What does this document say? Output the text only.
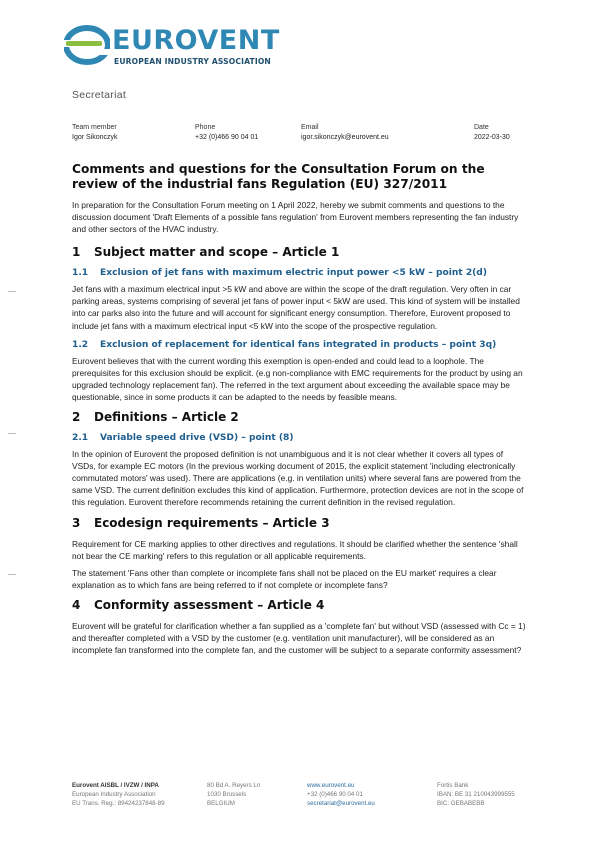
EUROVENT
EUROPEAN INDUSTRY ASSOCIATION
Secretariat
Team member
Igor Sikonczyk
Phone
+32 (0)466 90 04 01
Email
igor.sikonczyk@eurovent.eu
Date
2022-03-30
Comments and questions for the Consultation Forum on the review of the industrial fans Regulation (EU) 327/2011

In preparation for the Consultation Forum meeting on 1 April 2022, hereby we submit comments and questions to the discussion document 'Draft Elements of a possible fans regulation' from Eurovent members representing the fan industry and other sectors of the HVAC industry.

1	Subject matter and scope – Article 1
1.1	Exclusion of jet fans with maximum electric input power <5 kW – point 2(d)

Jet fans with a maximum electrical input >5 kW and above are within the scope of the draft regulation. Very often in car parking areas, systems comprising of several jet fans of power input < 5kW are used. This kind of system will be installed into car parks also into the future and will account for significant energy consumption. Therefore, Eurovent proposed to include jet fans with a maximum electrical input <5 kW into the scope of the prospective regulation.

1.2	Exclusion of replacement for identical fans integrated in products – point 3q)

Eurovent believes that with the current wording this exemption is open-ended and could lead to a loophole. The prerequisites for this exclusion should be explicit. (e.g non-compliance with EMC requirements for the product by using an upgraded technology replacement fan). The referred in the text argument about exceeding the available space may be questionable, since in some products it can be adapted to the needs by feasible means.

2	Definitions – Article 2
2.1	Variable speed drive (VSD) – point (8)

In the opinion of Eurovent the proposed definition is not unambiguous and it is not clear whether it covers all types of VSDs, for example EC motors (In the previous working document of 2015, the explicit statement 'including electronically commutated motors' was used). There are applications (e.g. in ventilation units) where several fans are powered from the same VSD. The current definition excludes this kind of application. Furthermore, protection devices are not in the scope of this regulation. Eurovent therefore recommends retaining the current definition in the revised regulation.

3	Ecodesign requirements – Article 3

Requirement for CE marking applies to other directives and regulations. It should be clarified whether the sentence 'shall not bear the CE marking' refers to this regulation or all applicable requirements.

The statement 'Fans other than complete or incomplete fans shall not be placed on the EU market' requires a clear explanation as to which fans are being referred to if not complete or incomplete fans?

4	Conformity assessment – Article 4

Eurovent will be grateful for clarification whether a fan supplied as a 'complete fan' but without VSD (assessed with Cc = 1) and thereafter completed with a VSD by the customer (e.g. ventilation unit manufacturer), will be considered as an incomplete fan transformed into the complete fan, and the customer will be subject to a separate conformity assessment?

Eurovent AISBL / IVZW / INPA
European Industry Association
EU Trans. Reg.: 89424237848-89
80 Bd A. Reyers Ln
1030 Brussels
BELGIUM
www.eurovent.eu
+32 (0)466 90 04 01
secretariat@eurovent.eu
Fortis Bank
IBAN: BE 31 210043999555
BIC: GEBABEBB
